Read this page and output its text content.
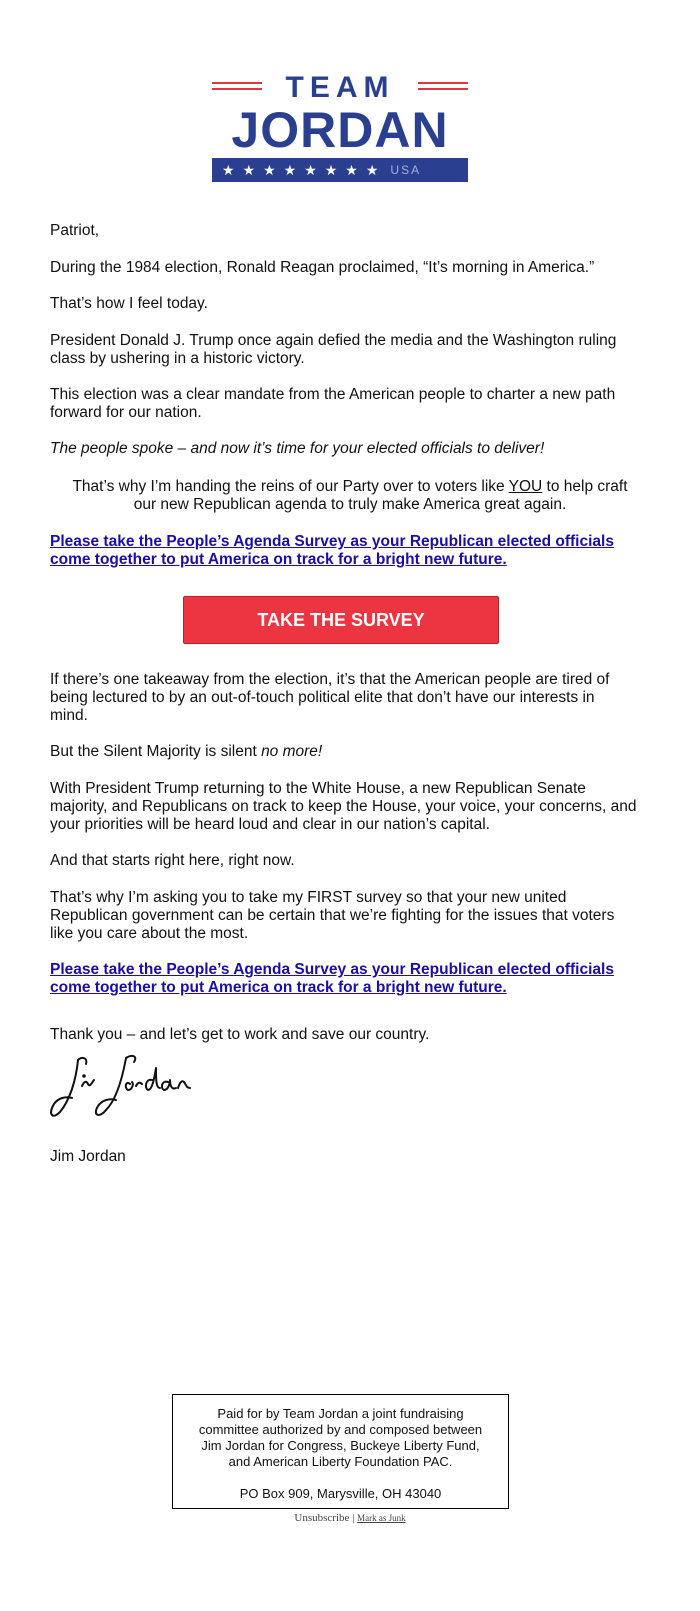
TEAM
JORDAN
★★★★★★★★ USA

Patriot,

During the 1984 election, Ronald Reagan proclaimed, “It’s morning in America.”

That’s how I feel today.

President Donald J. Trump once again defied the media and the Washington ruling class by ushering in a historic victory.

This election was a clear mandate from the American people to charter a new path forward for our nation.

The people spoke – and now it’s time for your elected officials to deliver!

That’s why I’m handing the reins of our Party over to voters like YOU to help craft our new Republican agenda to truly make America great again.

Please take the People’s Agenda Survey as your Republican elected officials come together to put America on track for a bright new future.

TAKE THE SURVEY

If there’s one takeaway from the election, it’s that the American people are tired of being lectured to by an out-of-touch political elite that don’t have our interests in mind.

But the Silent Majority is silent no more!

With President Trump returning to the White House, a new Republican Senate majority, and Republicans on track to keep the House, your voice, your concerns, and your priorities will be heard loud and clear in our nation’s capital.

And that starts right here, right now.

That’s why I’m asking you to take my FIRST survey so that your new united Republican government can be certain that we’re fighting for the issues that voters like you care about the most.

Please take the People’s Agenda Survey as your Republican elected officials come together to put America on track for a bright new future.

Thank you – and let’s get to work and save our country.

Jim Jordan

Paid for by Team Jordan a joint fundraising committee authorized by and composed between Jim Jordan for Congress, Buckeye Liberty Fund, and American Liberty Foundation PAC.

PO Box 909, Marysville, OH 43040

Unsubscribe | Mark as Junk
